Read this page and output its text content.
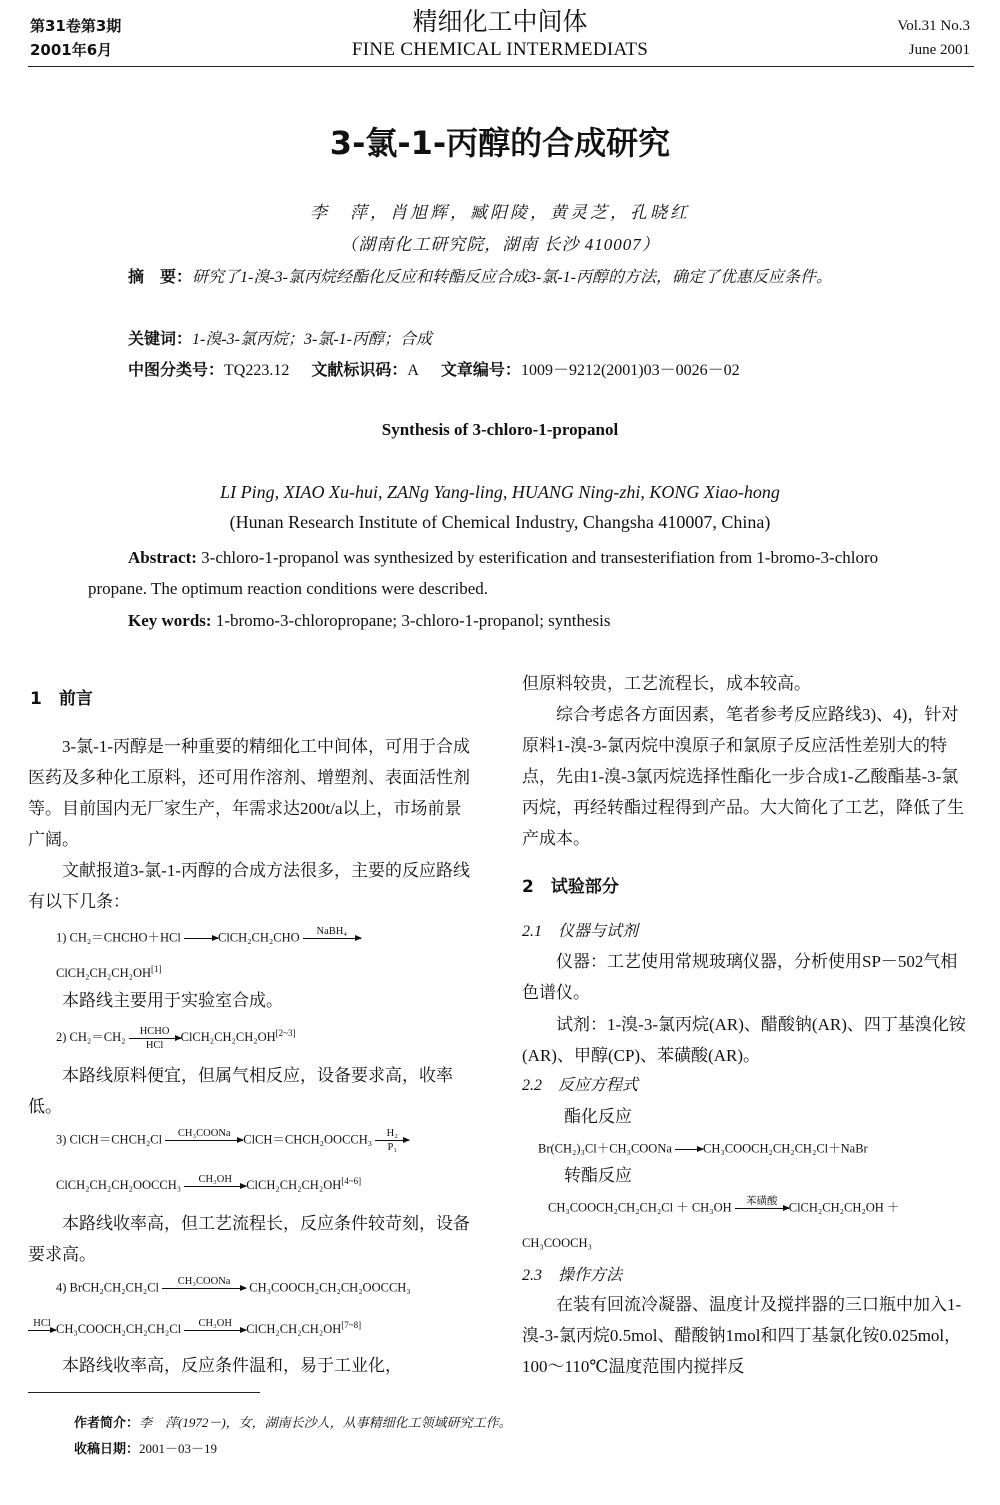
第31卷第3期
2001年6月
精细化工中间体
FINE CHEMICAL INTERMEDIATS
Vol.31 No.3
June 2001
3-氯-1-丙醇的合成研究
李　萍，肖旭辉，臧阳陵，黄灵芝，孔晓红
（湖南化工研究院，湖南 长沙 410007）
摘　要：研究了1-溴-3-氯丙烷经酯化反应和转酯反应合成3-氯-1-丙醇的方法，确定了优惠反应条件。
关键词：1-溴-3-氯丙烷；3-氯-1-丙醇；合成
中图分类号：TQ223.12 文献标识码：A 文章编号：1009－9212(2001)03－0026－02
Synthesis of 3-chloro-1-propanol
LI Ping, XIAO Xu-hui, ZANg Yang-ling, HUANG Ning-zhi, KONG Xiao-hong
(Hunan Research Institute of Chemical Industry, Changsha 410007, China)
Abstract: 3-chloro-1-propanol was synthesized by esterification and transesterifiation from 1-bromo-3-chloro propane. The optimum reaction conditions were described.
Key words: 1-bromo-3-chloropropane; 3-chloro-1-propanol; synthesis
1　前言
3-氯-1-丙醇是一种重要的精细化工中间体，可用于合成医药及多种化工原料，还可用作溶剂、增塑剂、表面活性剂等。目前国内无厂家生产，年需求达200t/a以上，市场前景广阔。
文献报道3-氯-1-丙醇的合成方法很多，主要的反应路线有以下几条：
1) CH₂＝CHCHO＋HCl

	ClCH₂CH₂CHO	NaBH₄

ClCH₂CH₂CH₂OH[1]
本路线主要用于实验室合成。
2) CH₂＝CH₂	HCHO
HCl
ClCH₂CH₂CH₂OH[2~3]
本路线原料便宜，但属气相反应，设备要求高，收率低。
3) ClCH＝CHCH₂Cl	CH₃COONa
	ClCH＝CHCH₂OOCCH₃ $\frac{\text{H₂}}{\text{P₁}}$
ClCH₂CH₂CH₂OOCCH₃	CH₃OH
	ClCH₂CH₂CH₂OH[4~6]
本路线收率高，但工艺流程长，反应条件较苛刻，设备要求高。
4) BrCH₂CH₂CH₂Cl	CH₃COONa
	CH₃COOCH₂CH₂CH₂OOCCH₃
HCl
CH₃COOCH₂CH₂CH₂Cl	CH₃OH
	ClCH₂CH₂CH₂OH[7~8]
本路线收率高，反应条件温和，易于工业化，
但原料较贵，工艺流程长，成本较高。
综合考虑各方面因素，笔者参考反应路线3)、4)，针对原料1-溴-3-氯丙烷中溴原子和氯原子反应活性差别大的特点，先由1-溴-3氯丙烷选择性酯化一步合成1-乙酸酯基-3-氯丙烷，再经转酯过程得到产品。大大简化了工艺，降低了生产成本。
2　试验部分
2.1　仪器与试剂
仪器：工艺使用常规玻璃仪器，分析使用SP－502气相色谱仪。
试剂：1-溴-3-氯丙烷(AR)、醋酸钠(AR)、四丁基溴化铵(AR)、甲醇(CP)、苯磺酸(AR)。
2.2　反应方程式
酯化反应
Br(CH₂)₃Cl＋CH₃COONa

CH₃COOCH₂CH₂CH₂Cl＋NaBr
转酯反应
CH₃COOCH₂CH₂CH₂Cl ＋ CH₃OH	苯磺酸
ClCH₂CH₂CH₂OH ＋
CH₃COOCH₃
2.3　操作方法
在装有回流冷凝器、温度计及搅拌器的三口瓶中加入1-溴-3-氯丙烷0.5mol、醋酸钠1mol和四丁基氯化铵0.025mol，100～110℃温度范围内搅拌反
作者简介：李　萍(1972－)，女，湖南长沙人，从事精细化工领域研究工作。
收稿日期：2001－03－19
